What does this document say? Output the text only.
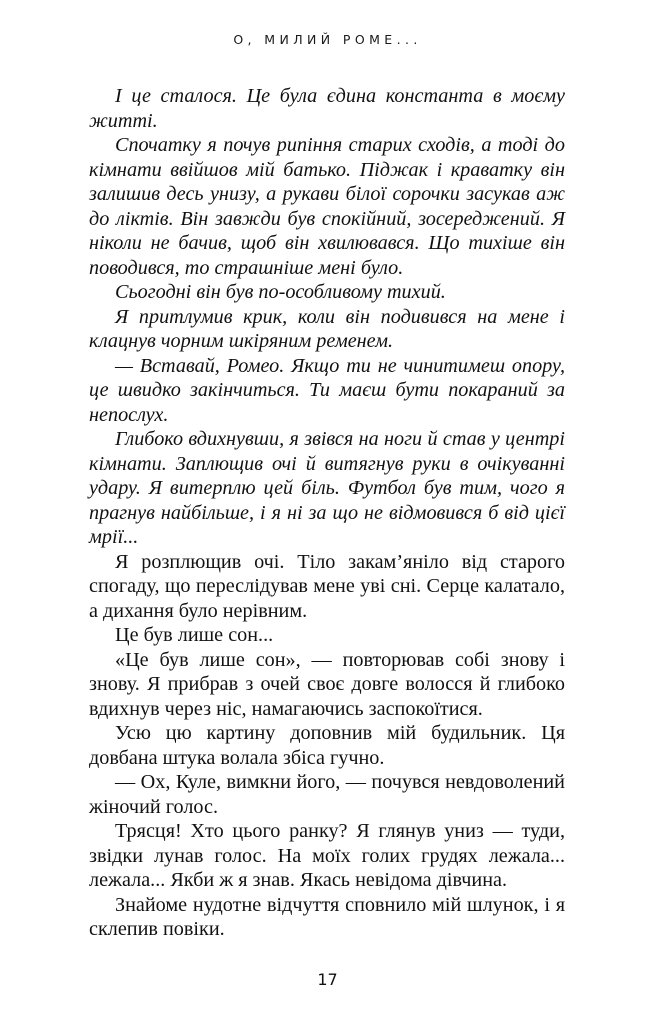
О, МИЛИЙ РОМЕ...

І це сталося. Це була єдина константа в моєму житті.

Спочатку я почув рипіння старих сходів, а тоді до кімнати ввійшов мій батько. Піджак і краватку він залишив десь унизу, а рукави білої сорочки засукав аж до ліктів. Він завжди був спокійний, зосереджений. Я ніколи не бачив, щоб він хвилювався. Що тихіше він поводився, то страшніше мені було.

Сьогодні він був по-особливому тихий.

Я притлумив крик, коли він подивився на мене і клацнув чорним шкіряним ременем.

— Вставай, Ромео. Якщо ти не чинитимеш опору, це швидко закінчиться. Ти маєш бути покараний за непослух.

Глибоко вдихнувши, я звівся на ноги й став у центрі кімнати. Заплющив очі й витягнув руки в очікуванні удару. Я витерплю цей біль. Футбол був тим, чого я прагнув найбільше, і я ні за що не відмовився б від цієї мрії...

Я розплющив очі. Тіло закам’яніло від старого спогаду, що переслідував мене уві сні. Серце калатало, а дихання було нерівним.

Це був лише сон...

«Це був лише сон», — повторював собі знову і знову. Я прибрав з очей своє довге волосся й глибоко вдихнув через ніс, намагаючись заспокоїтися.

Усю цю картину доповнив мій будильник. Ця довбана штука волала збіса гучно.

— Ох, Куле, вимкни його, — почувся невдоволений жіночий голос.

Трясця! Хто цього ранку? Я глянув униз — туди, звідки лунав голос. На моїх голих грудях лежала... лежала... Якби ж я знав. Якась невідома дівчина.

Знайоме нудотне відчуття сповнило мій шлунок, і я склепив повіки.

17
